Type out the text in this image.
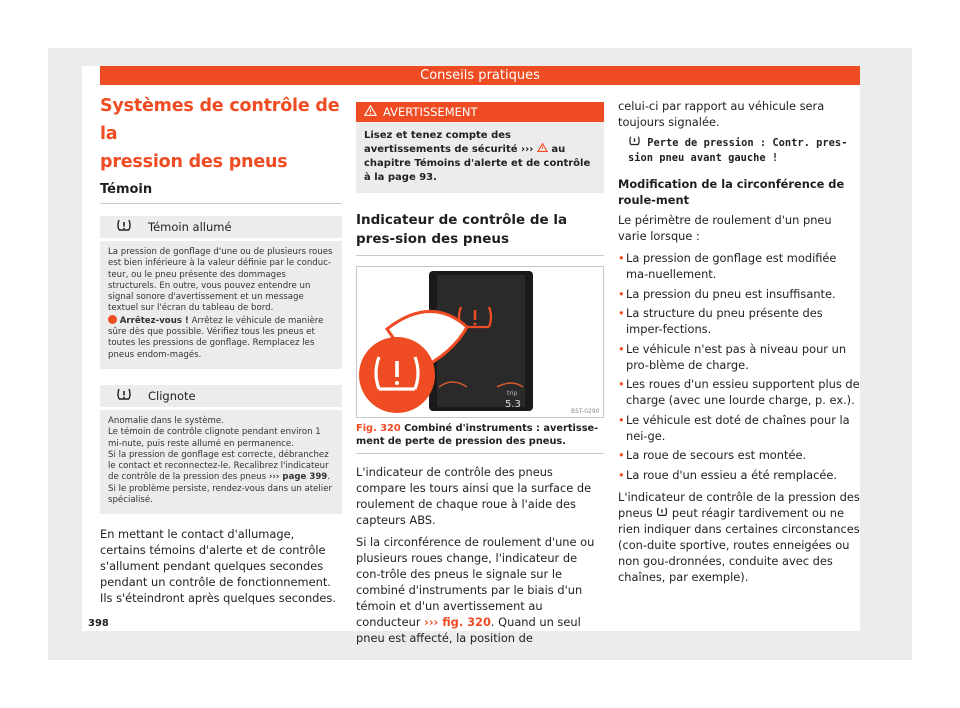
Conseils pratiques
Systèmes de contrôle de la
pression des pneus
Témoin
Témoin allumé
La pression de gonflage d'une ou de plusieurs roues est bien inférieure à la valeur définie par le conduc-teur, ou le pneu présente des dommages structurels. En outre, vous pouvez entendre un signal sonore d'avertissement et un message textuel sur l'écran du tableau de bord.
Arrêtez-vous ! Arrêtez le véhicule de manière sûre dès que possible. Vérifiez tous les pneus et toutes les pressions de gonflage. Remplacez les pneus endom-magés.
Clignote
Anomalie dans le système.
Le témoin de contrôle clignote pendant environ 1 mi-nute, puis reste allumé en permanence.
Si la pression de gonflage est correcte, débranchez le contact et reconnectez-le. Recalibrez l'indicateur de contrôle de la pression des pneus ››› page 399. Si le problème persiste, rendez-vous dans un atelier spécialisé.

En mettant le contact d'allumage, certains témoins d'alerte et de contrôle s'allument pendant quelques secondes pendant un contrôle de fonctionnement. Ils s'éteindront après quelques secondes.

AVERTISSEMENT
Lisez et tenez compte des avertissements de sécurité ›››  au chapitre Témoins d'alerte et de contrôle à la page 93.
Indicateur de contrôle de la pres-sion des pneus
trip
5.3
B5T-0290
Fig. 320 Combiné d'instruments : avertisse-ment de perte de pression des pneus.

L'indicateur de contrôle des pneus compare les tours ainsi que la surface de roulement de chaque roue à l'aide des capteurs ABS.

Si la circonférence de roulement d'une ou plusieurs roues change, l'indicateur de con-trôle des pneus le signale sur le combiné d'instruments par le biais d'un témoin et d'un avertissement au conducteur ››› fig. 320. Quand un seul pneu est affecté, la position de

celui-ci par rapport au véhicule sera toujours signalée.

Perte de pression : Contr. pres-
sion pneu avant gauche !

Modification de la circonférence de roule-ment

Le périmètre de roulement d'un pneu varie lorsque :

• La pression de gonflage est modifiée ma-nuellement.
• La pression du pneu est insuffisante.
• La structure du pneu présente des imper-fections.
• Le véhicule n'est pas à niveau pour un pro-blème de charge.
• Les roues d'un essieu supportent plus de charge (avec une lourde charge, p. ex.).
• Le véhicule est doté de chaînes pour la nei-ge.
• La roue de secours est montée.
• La roue d'un essieu a été remplacée.

L'indicateur de contrôle de la pression des pneus  peut réagir tardivement ou ne rien indiquer dans certaines circonstances (con-duite sportive, routes enneigées ou non gou-dronnées, conduite avec des chaînes, par exemple).

398
